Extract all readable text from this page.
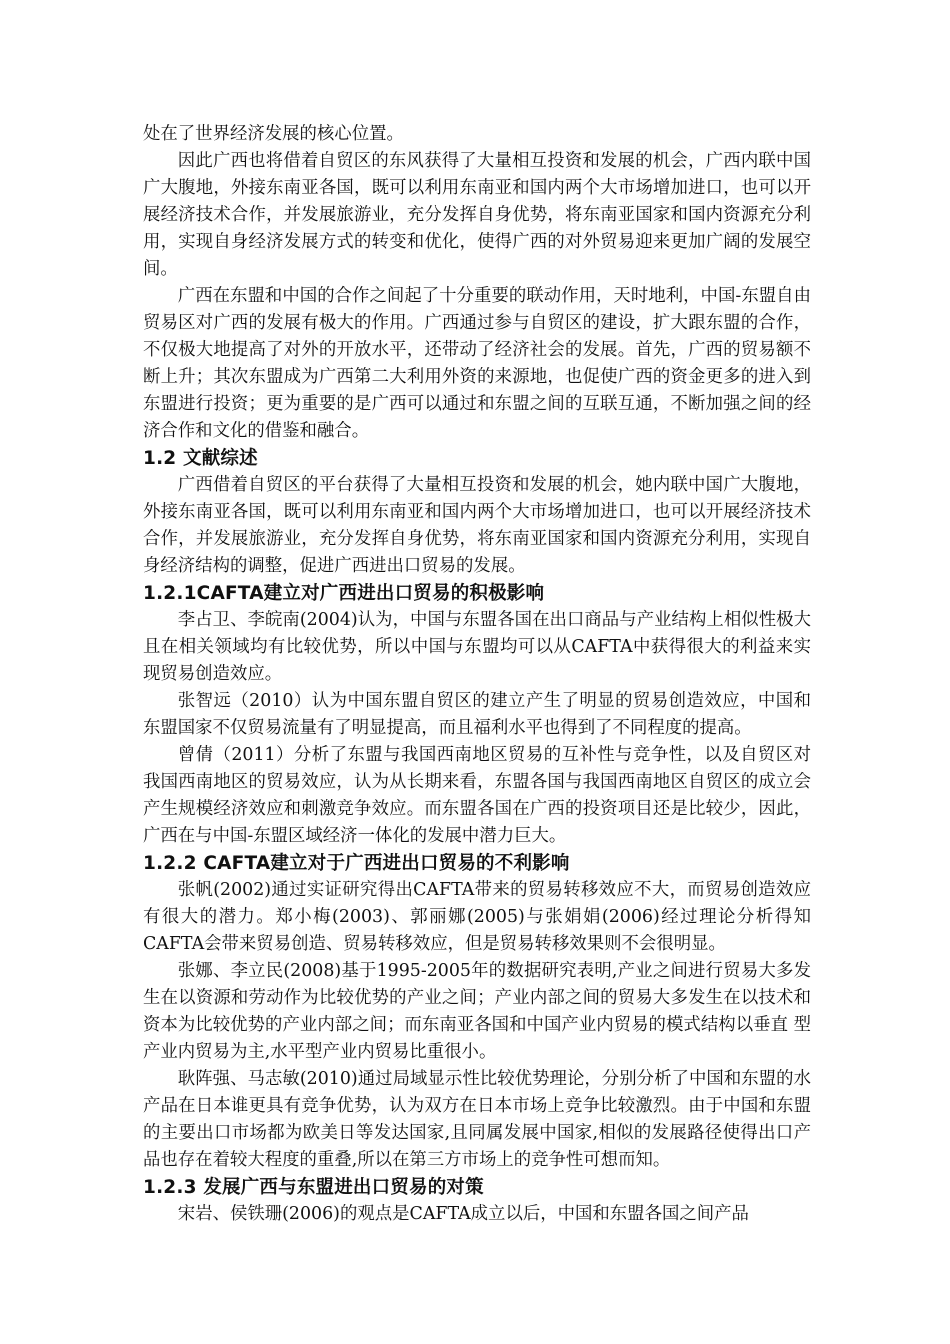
处在了世界经济发展的核心位置。

因此广西也将借着自贸区的东风获得了大量相互投资和发展的机会，广西内联中国广大腹地，外接东南亚各国，既可以利用东南亚和国内两个大市场增加进口，也可以开展经济技术合作，并发展旅游业，充分发挥自身优势，将东南亚国家和国内资源充分利用，实现自身经济发展方式的转变和优化，使得广西的对外贸易迎来更加广阔的发展空间。

广西在东盟和中国的合作之间起了十分重要的联动作用，天时地利，中国-东盟自由贸易区对广西的发展有极大的作用。广西通过参与自贸区的建设，扩大跟东盟的合作，不仅极大地提高了对外的开放水平，还带动了经济社会的发展。首先，广西的贸易额不断上升；其次东盟成为广西第二大利用外资的来源地，也促使广西的资金更多的进入到东盟进行投资；更为重要的是广西可以通过和东盟之间的互联互通，不断加强之间的经济合作和文化的借鉴和融合。

1.2 文献综述

广西借着自贸区的平台获得了大量相互投资和发展的机会，她内联中国广大腹地，外接东南亚各国，既可以利用东南亚和国内两个大市场增加进口，也可以开展经济技术合作，并发展旅游业，充分发挥自身优势，将东南亚国家和国内资源充分利用，实现自身经济结构的调整，促进广西进出口贸易的发展。

1.2.1CAFTA建立对广西进出口贸易的积极影响

李占卫、李皖南(2004)认为，中国与东盟各国在出口商品与产业结构上相似性极大且在相关领域均有比较优势，所以中国与东盟均可以从CAFTA中获得很大的利益来实现贸易创造效应。

张智远（2010）认为中国东盟自贸区的建立产生了明显的贸易创造效应，中国和东盟国家不仅贸易流量有了明显提高，而且福利水平也得到了不同程度的提高。

曾倩（2011）分析了东盟与我国西南地区贸易的互补性与竞争性，以及自贸区对我国西南地区的贸易效应，认为从长期来看，东盟各国与我国西南地区自贸区的成立会产生规模经济效应和刺激竞争效应。而东盟各国在广西的投资项目还是比较少，因此，广西在与中国-东盟区域经济一体化的发展中潜力巨大。

1.2.2 CAFTA建立对于广西进出口贸易的不利影响

张帆(2002)通过实证研究得出CAFTA带来的贸易转移效应不大，而贸易创造效应有很大的潜力。郑小梅(2003)、郭丽娜(2005)与张娟娟(2006)经过理论分析得知CAFTA会带来贸易创造、贸易转移效应，但是贸易转移效果则不会很明显。

张娜、李立民(2008)基于1995-2005年的数据研究表明,产业之间进行贸易大多发生在以资源和劳动作为比较优势的产业之间；产业内部之间的贸易大多发生在以技术和资本为比较优势的产业内部之间；而东南亚各国和中国产业内贸易的模式结构以垂直 型产业内贸易为主,水平型产业内贸易比重很小。

耿阵强、马志敏(2010)通过局域显示性比较优势理论，分别分析了中国和东盟的水产品在日本谁更具有竞争优势，认为双方在日本市场上竞争比较激烈。由于中国和东盟的主要出口市场都为欧美日等发达国家,且同属发展中国家,相似的发展路径使得出口产品也存在着较大程度的重叠,所以在第三方市场上的竞争性可想而知。

1.2.3 发展广西与东盟进出口贸易的对策

宋岩、侯铁珊(2006)的观点是CAFTA成立以后，中国和东盟各国之间产品
